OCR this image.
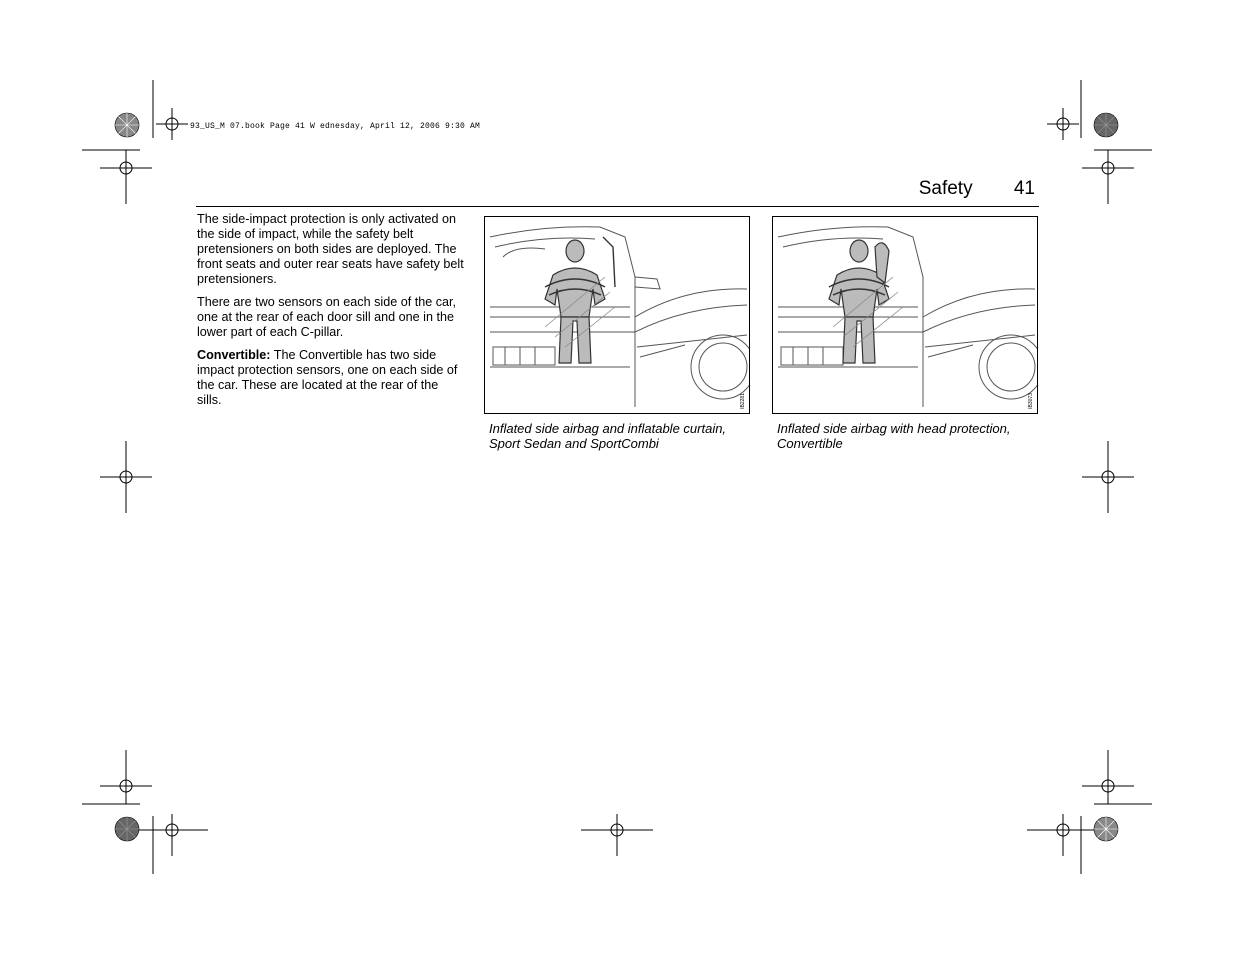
93_US_M 07.book Page 41 W ednesday, April 12, 2006 9:30 AM
Safety 41

The side-impact protection is only activated on the side of impact, while the safety belt pretensioners on both sides are deployed. The front seats and outer rear seats have safety belt pretensioners.

There are two sensors on each side of the car, one at the rear of each door sill and one in the lower part of each C-pillar.

Convertible: The Convertible has two side impact protection sensors, one on each side of the car. These are located at the rear of the sills.	IB2281
Inflated side airbag and inflatable curtain, Sport Sedan and SportCombi
IB3073
Inflated side airbag with head protection, Convertible
